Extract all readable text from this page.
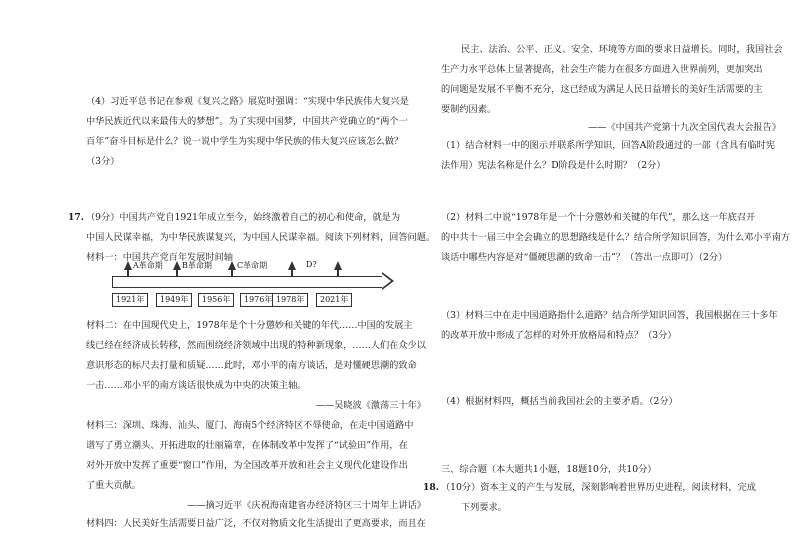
（4）习近平总书记在参观《复兴之路》展览时强调：“实现中华民族伟大复兴是
中华民族近代以来最伟大的梦想”。为了实现中国梦，中国共产党确立的“两个一
百年”奋斗目标是什么？说一说中学生为实现中华民族的伟大复兴应该怎么做？
（3分）
17. （9分）中国共产党自1921年成立至今，始终激着自己的初心和使命，就是为
中国人民谋幸福，为中华民族谋复兴，为中国人民谋幸福。阅读下列材料，回答问题。
材料一：中国共产党百年发展时间轴
A革命期 B革命期	C革命期	D?
1921年	1949年	1956年	1976年 1978年	2021年
材料二：在中国现代史上，1978年是个十分懲妙和关键的年代……中国的发展主
线已经在经济成长转移，然而围绕经济领域中出现的特种新现象，……人们在众少以
意识形态的标尺去打量和质疑……此时，邓小平的南方谈话，是对懂硬思潮的致命
一击……邓小平的南方谈话很快成为中央的决策主轴。
——吴晓波《激荡三十年》
材料三：深圳、珠海、汕头、厦门、海南5个经济特区不辱使命，在走中国道路中
谱写了勇立潮头、开拓进取的壮丽篇章，在体制改革中发挥了“试验田”作用，在
对外开放中发挥了重要“窗口”作用，为全国改革开放和社会主义现代化建设作出
了重大贡献。
——摘习近平《庆祝海南建省办经济特区三十周年上讲话》
材料四：人民美好生活需要日益广泛，不仅对物质文化生活提出了更高要求，而且在
民主、法治、公平、正义、安全、环境等方面的要求日益增长。同时，我国社会
生产力水平总体上显著提高，社会生产能力在很多方面进入世界前列，更加突出
的问题是发展不平衡不充分，这已经成为满足人民日益增长的美好生活需要的主
要制约因素。
——《中国共产党第十九次全国代表大会报告》
（1）结合材料一中的图示并联系所学知识，回答A阶段通过的一部（含具有临时宪
法作用）宪法名称是什么？D阶段是什么时期？（2分）
（2）材料二中说“1978年是一个十分懲妙和关键的年代”，那么这一年底召开
的中共十一届三中全会确立的思想路线是什么？结合所学知识回答，为什么邓小平南方
谈话中哪些内容是对“僵硬思潮的致命一击”？（答出一点即可）（2分）
（3）材料三中在走中国道路指什么道路？结合所学知识回答，我国根据在三十多年
的改革开放中形成了怎样的对外开放格局和特点？（3分）
（4）根据材料四，概括当前我国社会的主要矛盾。（2分）
三、综合题（本大题共1小题，18题10分，共10分）
18. （10分）资本主义的产生与发展，深刻影响着世界历史进程，阅读材料，完成
下列要求。
